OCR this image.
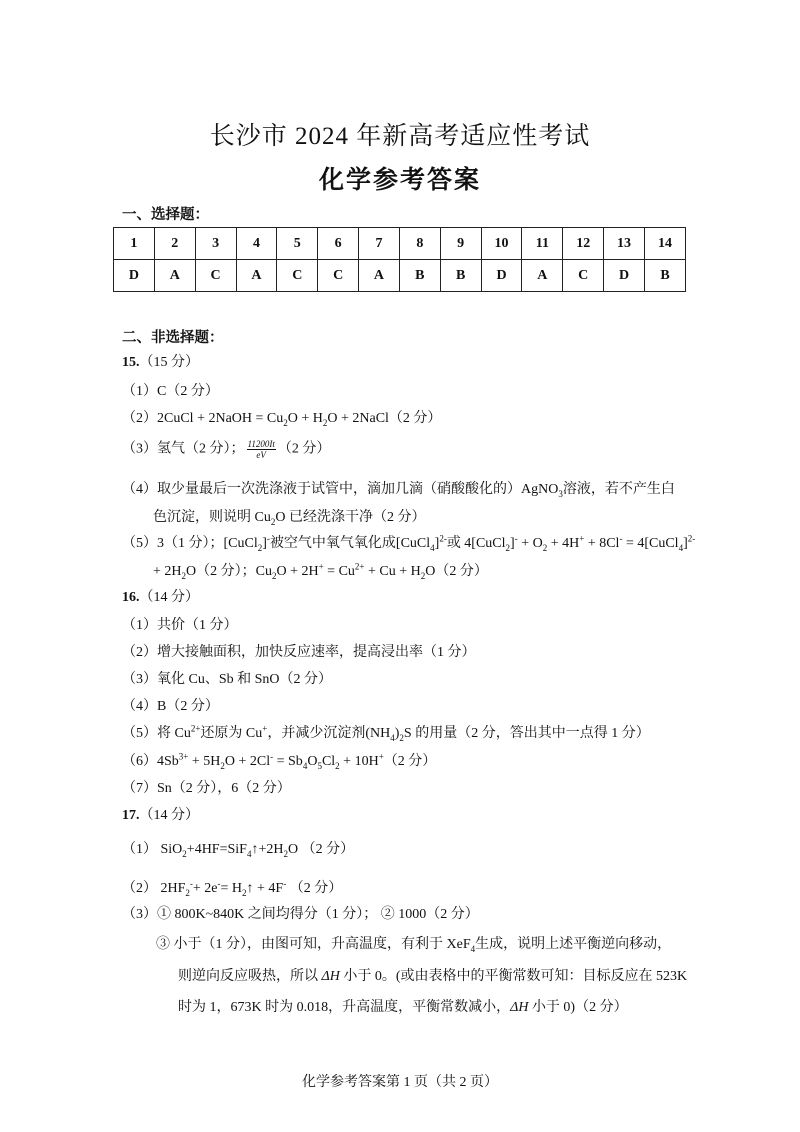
长沙市 2024 年新高考适应性考试
化学参考答案
一、选择题：
1	2	3	4	5	6	7	8	9	10	11	12	13	14
D	A	C	A	C	C	A	B	B	D	A	C	D	B
二、非选择题：
15.（15 分）
（1）C（2 分）
（2）2CuCl + 2NaOH = $Cu_2O + H_2O$ + 2NaCl（2 分）
（3）氢气（2 分）； $\frac{11200It}{eV} (2$ 分）
（4）取少量最后一次洗涤液于试管中，滴加几滴（硝酸酸化的）AgNO$_3$溶液，若不产生白
色沉淀，则说明 $Cu_2O$ 已经洗涤干净（2 分）
（5）3（1 分）；[CuCl$_2$]-被空气中氧气氧化成[CuCl$_4$]$^{2-}$或 4[CuCl$_2$]- + $O_2 + 4H^+ + 8Cl^-$ = 4[CuCl$_4$]$^{2-}$
+ $2H_2O(2$ 分）；$Cu_2O + 2H^+ = Cu^{2+} + Cu + H_2O(2$ 分）
16.（14 分）
（1）共价（1 分）
（2）增大接触面积，加快反应速率，提高浸出率（1 分）
（3）氧化 Cu、Sb 和 SnO（2 分）
（4）B（2 分）
（5）将 $Cu^{2+}$还原为 Cu+，并减少沉淀剂$(NH_4)_2S$ 的用量（2 分，答出其中一点得 1 分）
$(6)4Sb^{3+} + 5H_2O + 2Cl^- = Sb_4O_5Cl_2 + 10H^+(2$ 分）
（7）Sn（2 分），6（2 分）
17.（14 分）
（1） $SiO_2+4HF=SiF_4↑+2H_2O$ （2 分）
（2） $2HF_2^-+ 2e^-=$ $H_2↑ + 4F^-$ （2 分）
（3）① 800K~840K 之间均得分（1 分）； ② 1000（2 分）
③ 小于（1 分），由图可知，升高温度，有利于 XeF$_4$生成，说明上述平衡逆向移动，
则逆向反应吸热，所以 ΔH 小于 0。(或由表格中的平衡常数可知：目标反应在 523K
时为 1，673K 时为 0.018，升高温度，平衡常数减小，ΔH 小于 0)（2 分）
化学参考答案第 1 页（共 2 页）
